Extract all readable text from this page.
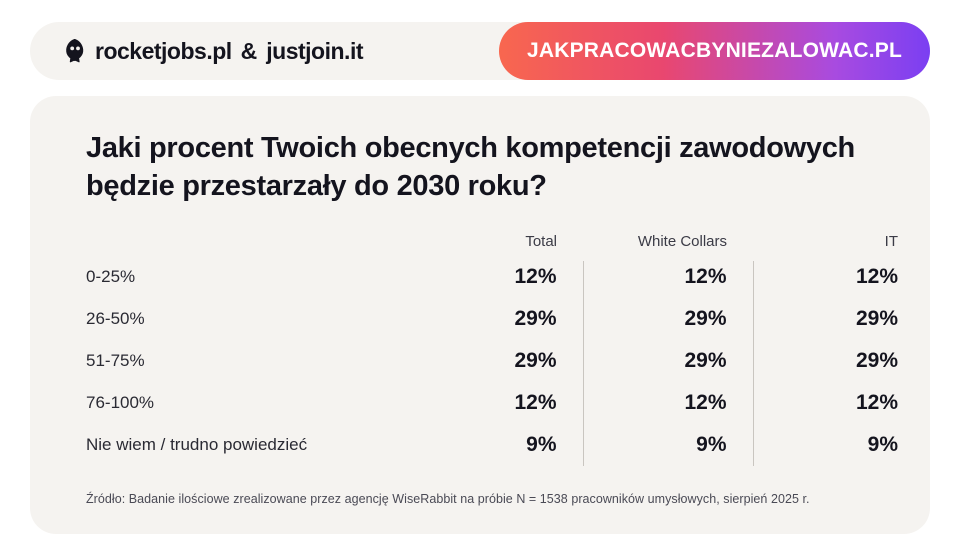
rocketjobs.pl & justjoin.it	JAKPRACOWACBYNIEZALOWAC.PL
Jaki procent Twoich obecnych kompetencji zawodowych będzie przestarzały do 2030 roku?
	Total	White Collars	IT
0-25%	12%	12%	12%
26-50%	29%	29%	29%
51-75%	29%	29%	29%
76-100%	12%	12%	12%
Nie wiem / trudno powiedzieć	9%	9%	9%
Źródło: Badanie ilościowe zrealizowane przez agencję WiseRabbit na próbie N = 1538 pracowników umysłowych, sierpień 2025 r.
